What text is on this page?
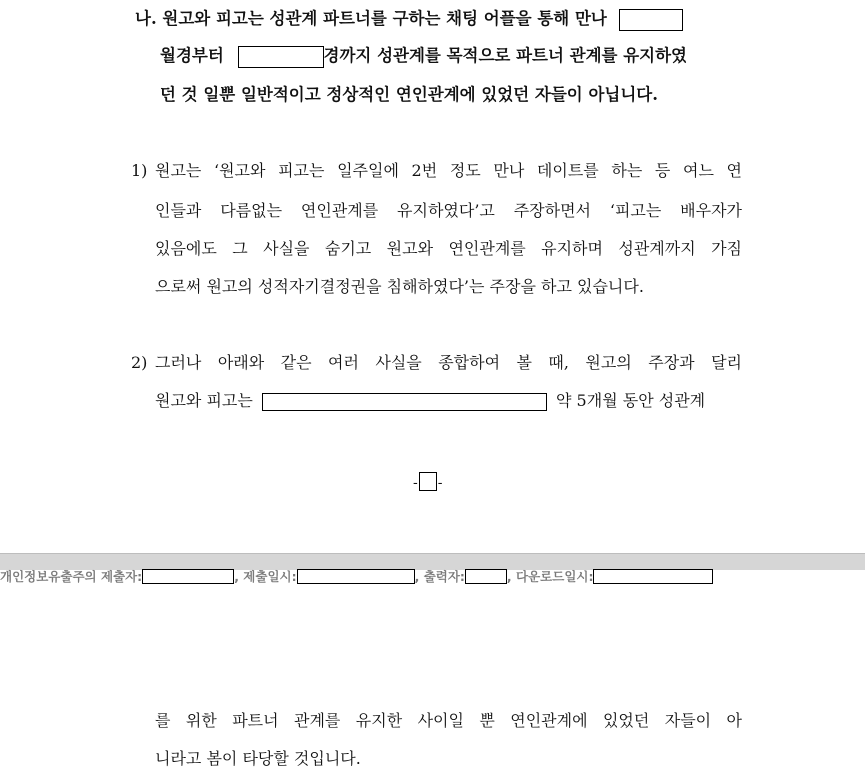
나. 원고와 피고는 성관계 파트너를 구하는 채팅 어플을 통해 만나
월경부터	경까지 성관계를 목적으로 파트너 관계를 유지하였
던 것 일뿐 일반적이고 정상적인 연인관계에 있었던 자들이 아닙니다.
1) 원고는 ‘원고와 피고는 일주일에 2번 정도 만나 데이트를 하는 등 여느 연
인들과 다름없는 연인관계를 유지하였다’고 주장하면서 ‘피고는 배우자가
있음에도 그 사실을 숨기고 원고와 연인관계를 유지하며 성관계까지 가짐
으로써 원고의 성적자기결정권을 침해하였다’는 주장을 하고 있습니다.
2) 그러나 아래와 같은 여러 사실을 종합하여 볼 때, 원고의 주장과 달리
원고와 피고는	약 5개월 동안 성관계
- -
개인정보유출주의 제출자:	, 제출일시:	, 출력자:	, 다운로드일시:
를 위한 파트너 관계를 유지한 사이일 뿐 연인관계에 있었던 자들이 아
니라고 봄이 타당할 것입니다.
